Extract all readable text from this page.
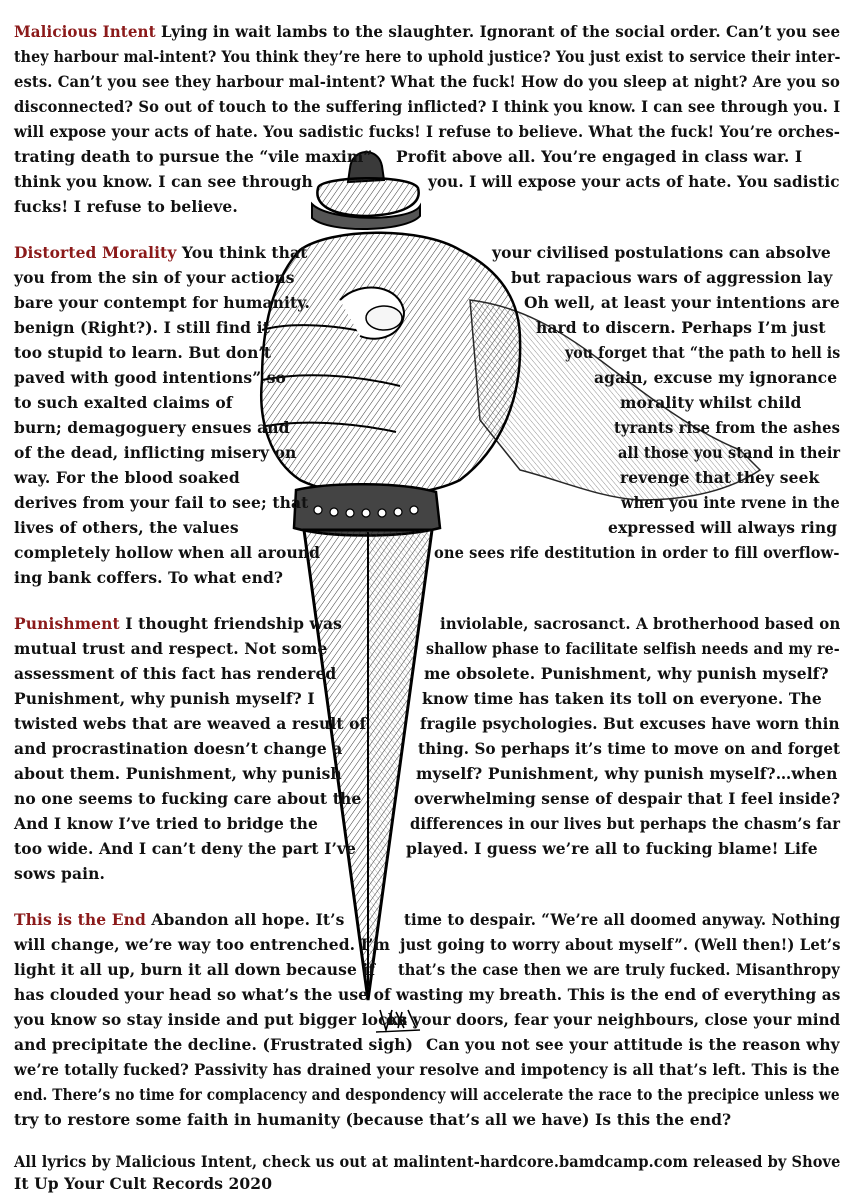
Malicious Intent Lying in wait lambs to the slaughter. Ignorant of the social order. Can’t you see
they harbour mal-intent? You think they’re here to uphold justice? You just exist to service their inter-
ests. Can’t you see they harbour mal-intent? What the fuck! How do you sleep at night? Are you so
disconnected? So out of touch to the suffering inflicted? I think you know. I can see through you. I
will expose your acts of hate. You sadistic fucks! I refuse to believe. What the fuck! You’re orches-
trating death to pursue the “vile maxim” Profit above all. You’re engaged in class war. I
think you know. I can see through	you. I will expose your acts of hate. You sadistic
fucks! I refuse to believe.
Distorted Morality You think that	your civilised postulations can absolve
you from the sin of your actions	but rapacious wars of aggression lay
bare your contempt for humanity.	Oh well, at least your intentions are
benign (Right?). I still find it	hard to discern. Perhaps I’m just
too stupid to learn. But don’t	you forget that “the path to hell is
paved with good intentions” so	again, excuse my ignorance
to such exalted claims of	morality whilst child
burn; demagoguery ensues and	tyrants rise from the ashes
of the dead, inflicting misery on	all those you stand in their
way. For the blood soaked	revenge that they seek
derives from your fail to see; that	when you inte rvene in the
lives of others, the values	expressed will always ring
completely hollow when all around	one sees rife destitution in order to fill overflow-
ing bank coffers. To what end?
Punishment I thought friendship was	inviolable, sacrosanct. A brotherhood based on
mutual trust and respect. Not some	shallow phase to facilitate selfish needs and my re-
assessment of this fact has rendered	me obsolete. Punishment, why punish myself?
Punishment, why punish myself? I	know time has taken its toll on everyone. The
twisted webs that are weaved a result of	fragile psychologies. But excuses have worn thin
and procrastination doesn’t change a	thing. So perhaps it’s time to move on and forget
about them. Punishment, why punish	myself? Punishment, why punish myself?…when
no one seems to fucking care about the	overwhelming sense of despair that I feel inside?
And I know I’ve tried to bridge the	differences in our lives but perhaps the chasm’s far
too wide. And I can’t deny the part I’ve	played. I guess we’re all to fucking blame! Life
sows pain.
This is the End Abandon all hope. It’s	time to despair. “We’re all doomed anyway. Nothing
will change, we’re way too entrenched. I’m just going to worry about myself”. (Well then!) Let’s
light it all up, burn it all down because if that’s the case then we are truly fucked. Misanthropy
has clouded your head so what’s the use of wasting my breath. This is the end of everything as
you know so stay inside and put bigger locks
on your doors, fear your neighbours, close your mind
and precipitate the decline. (Frustrated sigh) Can you not see your attitude is the reason why
we’re totally fucked? Passivity has drained your resolve and impotency is all that’s left. This is the
end. There’s no time for complacency and despondency will accelerate the race to the precipice unless we
try to restore some faith in humanity (because that’s all we have) Is this the end?
All lyrics by Malicious Intent, check us out at malintent-hardcore.bamdcamp.com released by Shove
It Up Your Cult Records 2020
